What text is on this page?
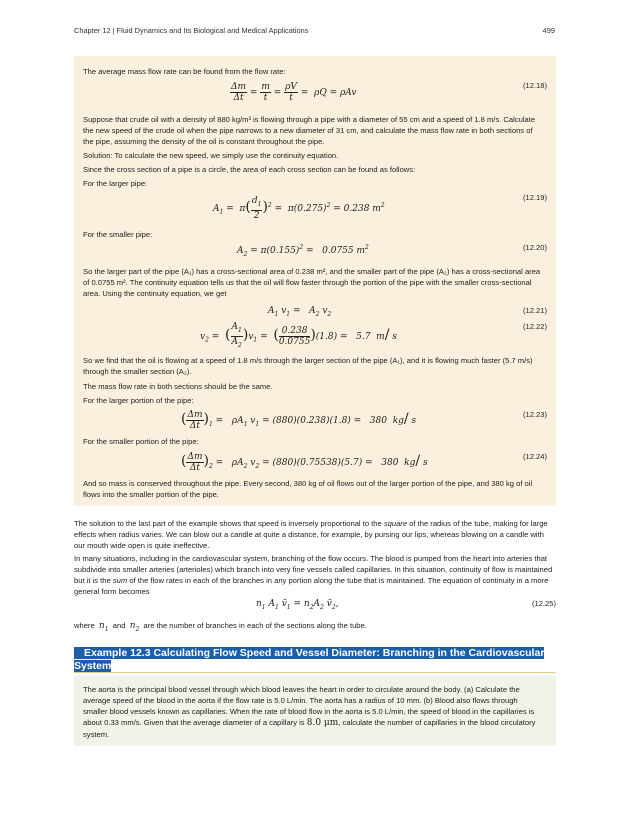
Chapter 12 | Fluid Dynamics and Its Biological and Medical Applications	499

The average mass flow rate can be found from the flow rate:

$\frac{\Delta m}{\Delta t} = \frac{m}{t} = \frac{\rho V}{t} = \rho Q = \rho Av$
(12.18)

Suppose that crude oil with a density of 880 kg/m³ is flowing through a pipe with a diameter of 55 cm and a speed of 1.8 m/s. Calculate the new speed of the crude oil when the pipe narrows to a new diameter of 31 cm, and calculate the mass flow rate in both sections of the pipe, assuming the density of the oil is constant throughout the pipe.

Solution: To calculate the new speed, we simply use the continuity equation.

Since the cross section of a pipe is a circle, the area of each cross section can be found as follows:

For the larger pipe:

$A_1 = \pi( \frac{d_1}{2} )^2 = \pi(0.275)^2 = 0.238$ $m^2$
(12.19)

For the smaller pipe:

$A_2 = \pi(0.155)^2 = 0.0755$ $m^2$	(12.20)

So the larger part of the pipe (A₁) has a cross-sectional area of 0.238 m², and the smaller part of the pipe (A₂) has a cross-sectional area of 0.0755 m². The continuity equation tells us that the oil will flow faster through the portion of the pipe with the smaller cross-sectional area. Using the continuity equation, we get

$A_1$ $v_1 = A_2$ $v_2$	(12.21)
$v_2$ =  ( $\frac{A_1}{A_2} )v_1$ =  ( $\frac{0.238}{0.0755} )(1.8) = 5.7$  m/ s
(12.22)

So we find that the oil is flowing at a speed of 1.8 m/s through the larger section of the pipe (A₁), and it is flowing much faster (5.7 m/s) through the smaller section (A₂).

The mass flow rate in both sections should be the same.

For the larger portion of the pipe:

( $\frac{\Delta m}{\Delta t} )_1 = \rho A_1$ $v_1 = (880)(0.238)(1.8) = 380$  kg/ s
(12.23)

For the smaller portion of the pipe:

( $\frac{\Delta m}{\Delta t} )_2 = \rho A_2$ $v_2 = (880)(0.75538)(5.7) = 380$  kg/ s
(12.24)

And so mass is conserved throughout the pipe. Every second, 380 kg of oil flows out of the larger portion of the pipe, and 380 kg of oil flows into the smaller portion of the pipe.

The solution to the last part of the example shows that speed is inversely proportional to the square of the radius of the tube, making for large effects when radius varies. We can blow out a candle at quite a distance, for example, by pursing our lips, whereas blowing on a candle with our mouth wide open is quite ineffective.

In many situations, including in the cardiovascular system, branching of the flow occurs. The blood is pumped from the heart into arteries that subdivide into smaller arteries (arterioles) which branch into very fine vessels called capillaries. In this situation, continuity of flow is maintained but it is the sum of the flow rates in each of the branches in any portion along the tube that is maintained. The equation of continuity in a more general form becomes

$n_1$ $A_1$ $v̄_1 = n_2A_2$ $v̄_2$,	(12.25)

where $n_1$ and $n_2$ are the number of branches in each of the sections along the tube.

Example 12.3 Calculating Flow Speed and Vessel Diameter: Branching in the Cardiovascular
System

The aorta is the principal blood vessel through which blood leaves the heart in order to circulate around the body. (a) Calculate the average speed of the blood in the aorta if the flow rate is 5.0 L/min. The aorta has a radius of 10 mm. (b) Blood also flows through smaller blood vessels known as capillaries. When the rate of blood flow in the aorta is 5.0 L/min, the speed of blood in the capillaries is about 0.33 mm/s. Given that the average diameter of a capillary is 8.0 μm, calculate the number of capillaries in the blood circulatory system.
